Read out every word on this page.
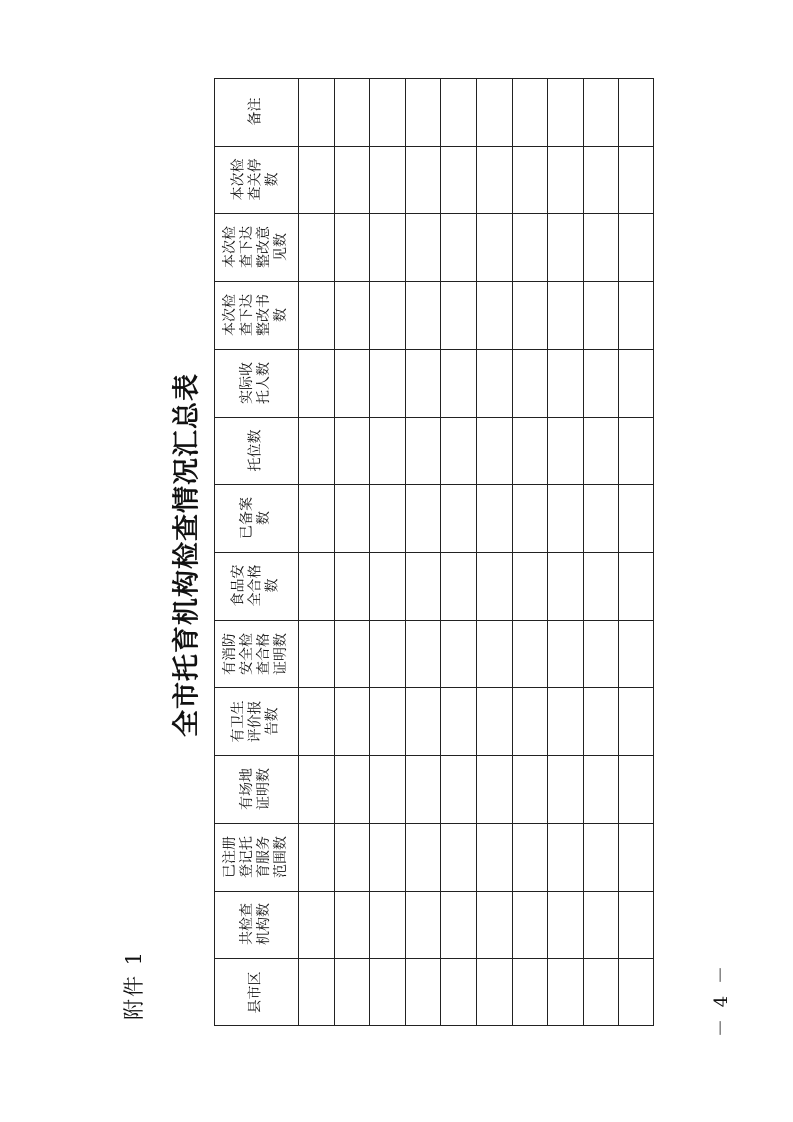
附件 1
全市托育机构检查情况汇总表
－ 4 －
县市区
共检查
机构数
已注册
登记托
育服务
范围数
有场地
证明数
有卫生
评价报
告数
有消防
安全检
查合格
证明数
食品安
全合格
数
已备案
数
托位数
实际收
托人数
本次检
查下达
整改书
数
本次检
查下达
整改意
见数
本次检
查关停
数
备注
